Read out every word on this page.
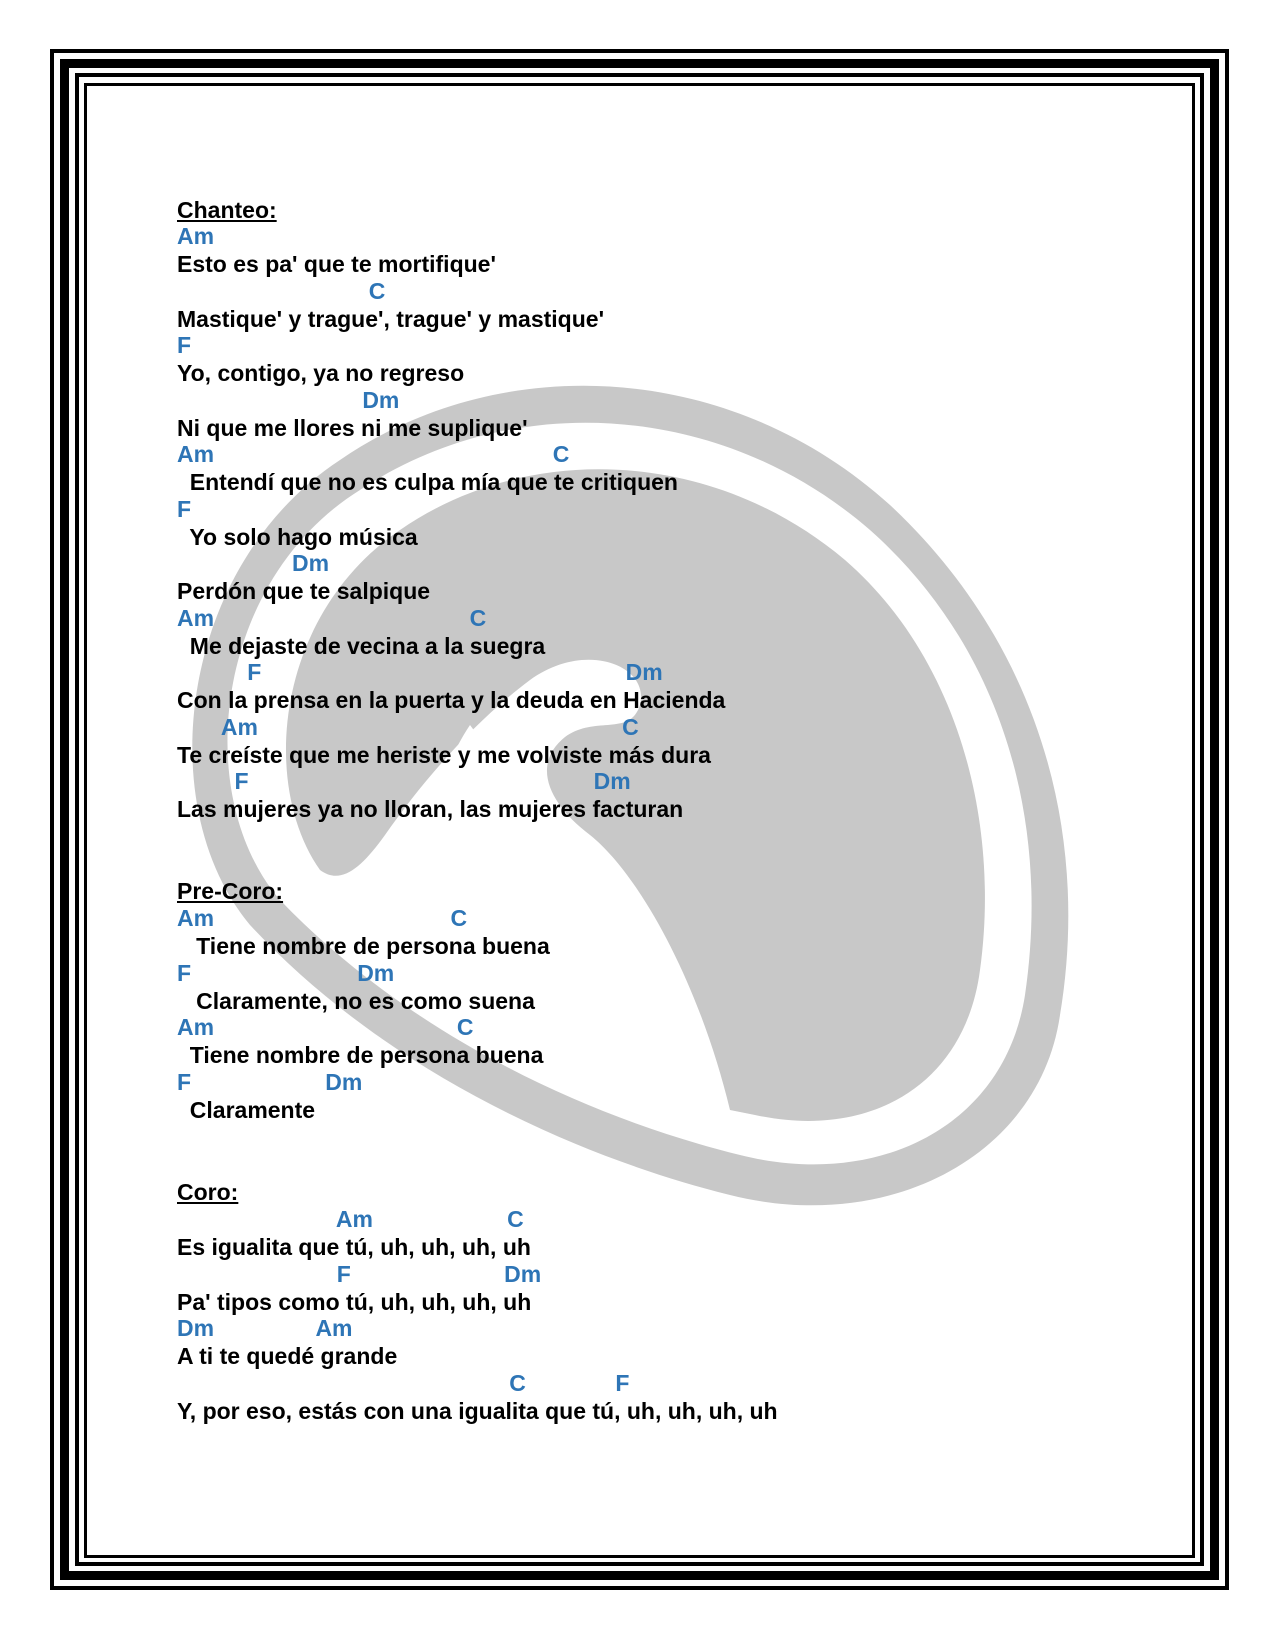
Chanteo:

Am

Esto es pa' que te mortifique'

C

Mastique' y trague', trague' y mastique'

F

Yo, contigo, ya no regreso

Dm

Ni que me llores ni me suplique'

Am                                                     C

Entendí que no es culpa mía que te critiquen

F

Yo solo hago música

Dm

Perdón que te salpique

Am                                        C

Me dejaste de vecina a la suegra

F                                                         Dm

Con la prensa en la puerta y la deuda en Hacienda

Am                                                         C

Te creíste que me heriste y me volviste más dura

F                                                      Dm

Las mujeres ya no lloran, las mujeres facturan

Pre-Coro:

Am                                     C

Tiene nombre de persona buena

F                          Dm

Claramente, no es como suena

Am                                      C

Tiene nombre de persona buena

F                     Dm

Claramente

Coro:

Am                     C

Es igualita que tú, uh, uh, uh, uh

F                        Dm

Pa' tipos como tú, uh, uh, uh, uh

Dm                Am

A ti te quedé grande

C              F

Y, por eso, estás con una igualita que tú, uh, uh, uh, uh
